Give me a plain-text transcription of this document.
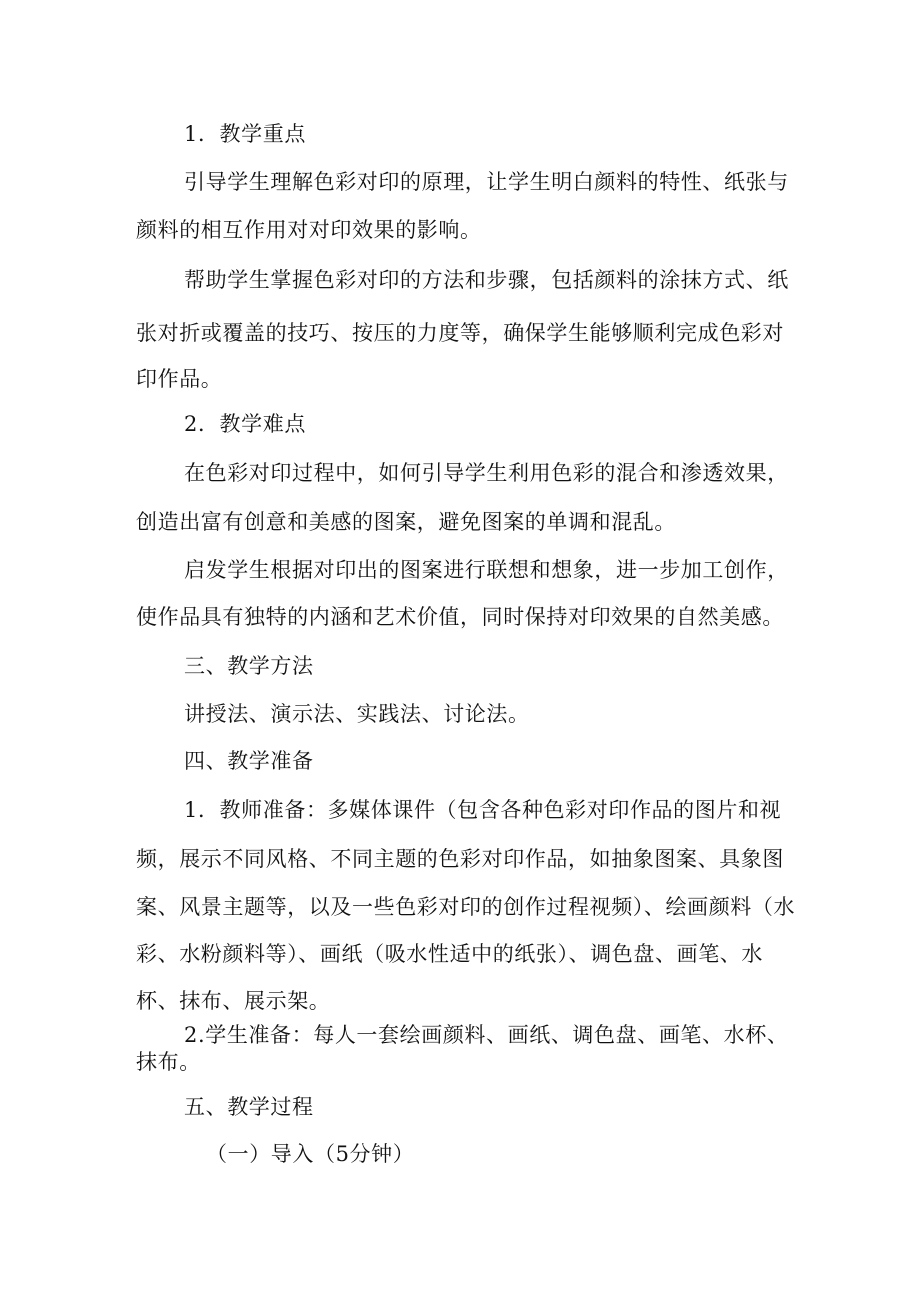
1．教学重点
引导学生理解色彩对印的原理，让学生明白颜料的特性、纸张与
颜料的相互作用对对印效果的影响。
帮助学生掌握色彩对印的方法和步骤，包括颜料的涂抹方式、纸
张对折或覆盖的技巧、按压的力度等，确保学生能够顺利完成色彩对
印作品。
2．教学难点
在色彩对印过程中，如何引导学生利用色彩的混合和渗透效果，
创造出富有创意和美感的图案，避免图案的单调和混乱。
启发学生根据对印出的图案进行联想和想象，进一步加工创作，
使作品具有独特的内涵和艺术价值，同时保持对印效果的自然美感。
三、教学方法
讲授法、演示法、实践法、讨论法。
四、教学准备
1．教师准备：多媒体课件（包含各种色彩对印作品的图片和视
频，展示不同风格、不同主题的色彩对印作品，如抽象图案、具象图
案、风景主题等，以及一些色彩对印的创作过程视频）、绘画颜料（水
彩、水粉颜料等）、画纸（吸水性适中的纸张）、调色盘、画笔、水
杯、抹布、展示架。
2.学生准备：每人一套绘画颜料、画纸、调色盘、画笔、水杯、
抹布。
五、教学过程
（一）导入（5分钟）
